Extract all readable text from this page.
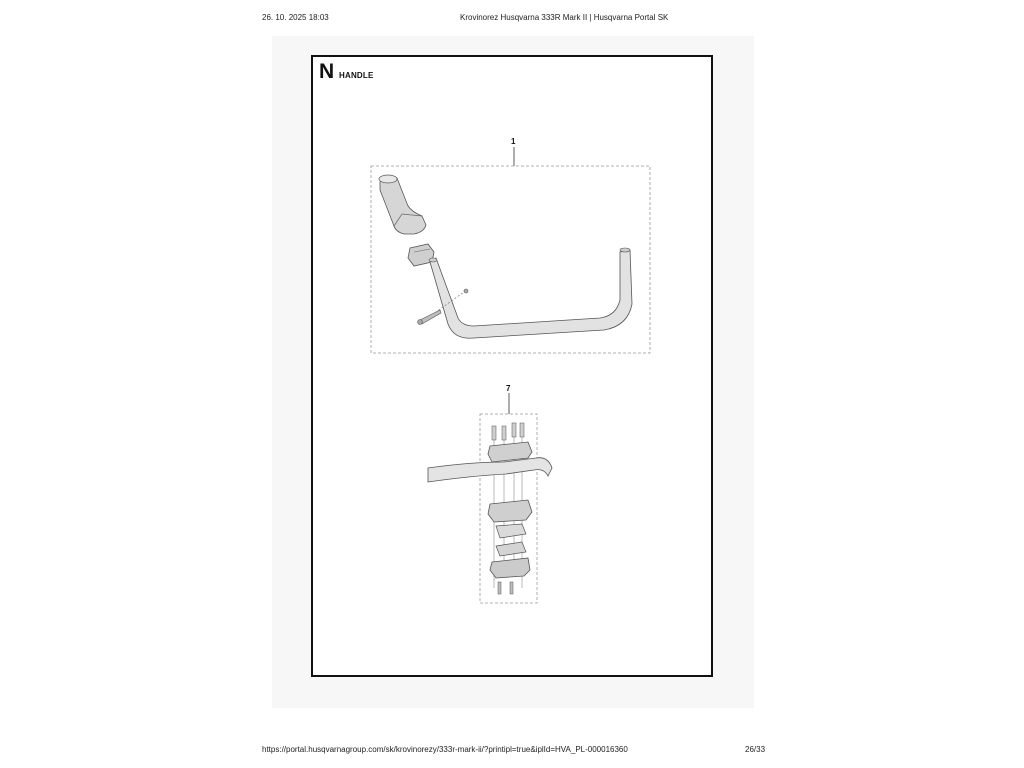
26. 10. 2025 18:03	Krovinorez Husqvarna 333R Mark II | Husqvarna Portal SK
N HANDLE
1
7
https://portal.husqvarnagroup.com/sk/krovinorezy/333r-mark-ii/?printipl=true&iplId=HVA_PL-000016360	26/33
